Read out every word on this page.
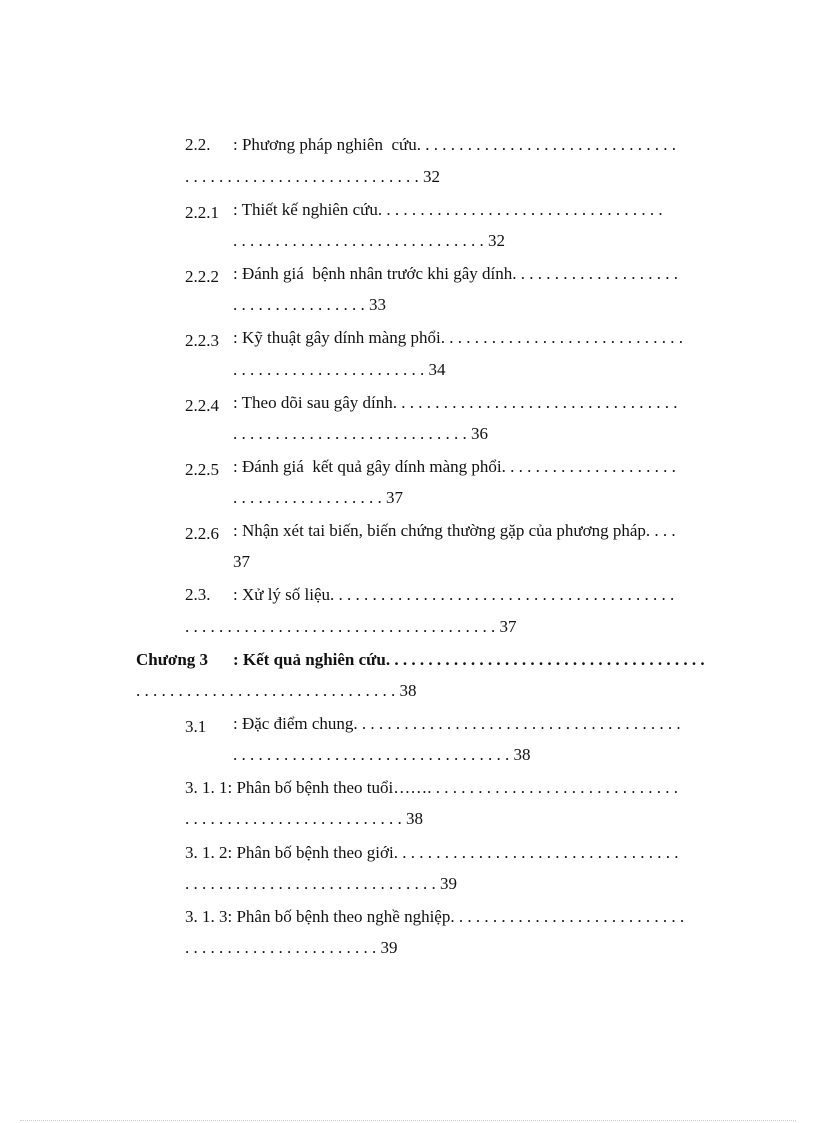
2.2. : Phương pháp nghiên  cứu. . . . . . . . . . . . . . . . . . . . . . . . . . . . . . .
. . . . . . . . . . . . . . . . . . . . . . . . . . . . 32
2.2.1 : Thiết kế nghiên cứu. . . . . . . . . . . . . . . . . . . . . . . . . . . . . . . . . .
. . . . . . . . . . . . . . . . . . . . . . . . . . . . . . 32
2.2.2 : Đánh giá  bệnh nhân trước khi gây dính. . . . . . . . . . . . . . . . . . . .
. . . . . . . . . . . . . . . . 33
2.2.3 : Kỹ thuật gây dính màng phổi. . . . . . . . . . . . . . . . . . . . . . . . . . . . .
. . . . . . . . . . . . . . . . . . . . . . . 34
2.2.4 : Theo dõi sau gây dính. . . . . . . . . . . . . . . . . . . . . . . . . . . . . . . . . .
. . . . . . . . . . . . . . . . . . . . . . . . . . . . 36
2.2.5 : Đánh giá  kết quả gây dính màng phổi. . . . . . . . . . . . . . . . . . . . .
. . . . . . . . . . . . . . . . . . 37
2.2.6 : Nhận xét tai biến, biến chứng thường gặp của phương pháp. . . .
37
2.3. : Xử lý số liệu. . . . . . . . . . . . . . . . . . . . . . . . . . . . . . . . . . . . . . . . .
. . . . . . . . . . . . . . . . . . . . . . . . . . . . . . . . . . . . . 37
Chương 3 : Kết quả nghiên cứu. . . . . . . . . . . . . . . . . . . . . . . . . . . . . . . . . . . . . .
. . . . . . . . . . . . . . . . . . . . . . . . . . . . . . . 38
3.1 : Đặc điểm chung. . . . . . . . . . . . . . . . . . . . . . . . . . . . . . . . . . . . . . .
. . . . . . . . . . . . . . . . . . . . . . . . . . . . . . . . . 38
3. 1. 1: Phân bố bệnh theo tuổi……. . . . . . . . . . . . . . . . . . . . . . . . . . . . . .
. . . . . . . . . . . . . . . . . . . . . . . . . . 38
3. 1. 2: Phân bố bệnh theo giới. . . . . . . . . . . . . . . . . . . . . . . . . . . . . . . . . .
. . . . . . . . . . . . . . . . . . . . . . . . . . . . . . 39
3. 1. 3: Phân bố bệnh theo nghề nghiệp. . . . . . . . . . . . . . . . . . . . . . . . . . . .
. . . . . . . . . . . . . . . . . . . . . . . 39
